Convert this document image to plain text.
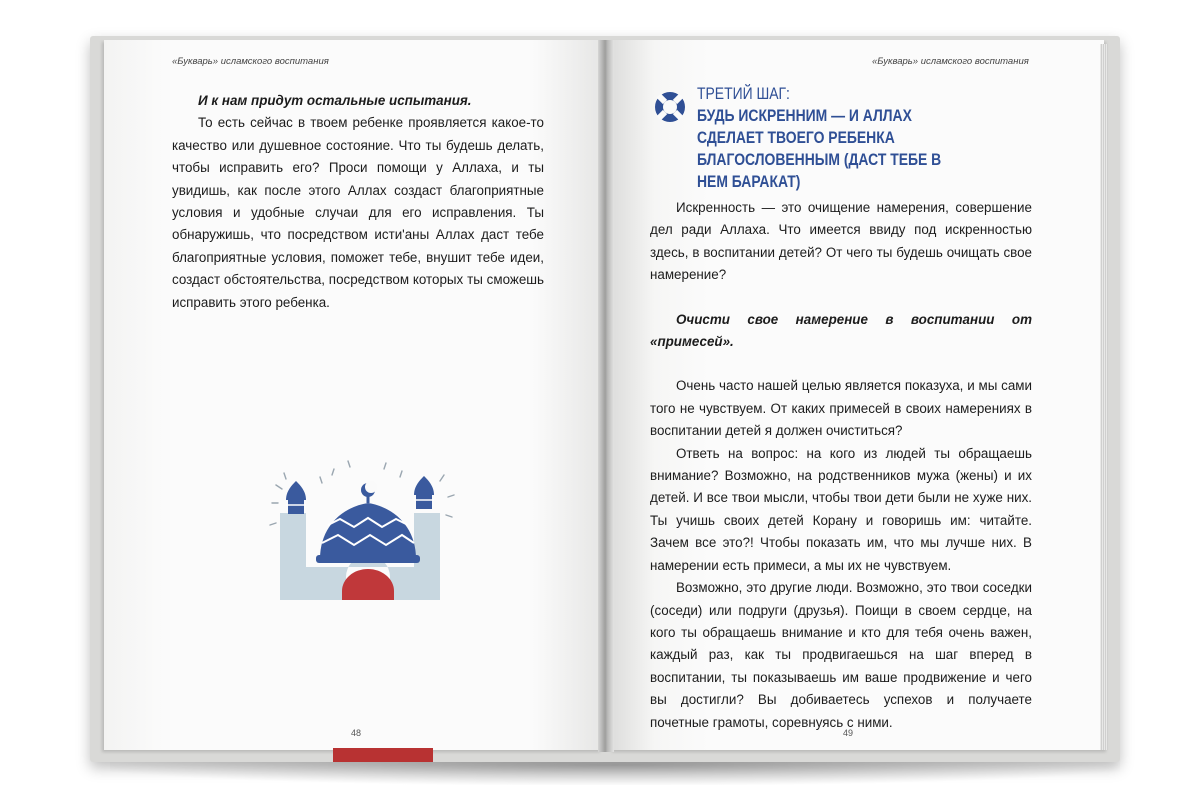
«Букварь» исламского воспитания	«Букварь» исламского воспитания

И к нам придут остальные испытания.

То есть сейчас в твоем ребенке проявляется какое-то качество или душевное состояние. Что ты будешь делать, чтобы исправить его? Проси помощи у Аллаха, и ты увидишь, как после этого Аллах создаст благоприятные условия и удобные случаи для его исправления. Ты обнаружишь, что посредством исти'аны Аллах даст тебе благоприятные условия, поможет тебе, внушит тебе идеи, создаст обстоятельства, посредством которых ты сможешь исправить этого ребенка.

48
ТРЕТИЙ ШАГ:
БУДЬ ИСКРЕННИМ — И АЛЛАХ СДЕЛАЕТ ТВОЕГО РЕБЕНКА БЛАГОСЛОВЕННЫМ (ДАСТ ТЕБЕ В НЕМ БАРАКАТ)

Искренность — это очищение намерения, совершение дел ради Аллаха. Что имеется ввиду под искренностью здесь, в воспитании детей? От чего ты будешь очищать свое намерение?

Очисти свое намерение в воспитании от «примесей».

Очень часто нашей целью является показуха, и мы сами того не чувствуем. От каких примесей в своих намерениях в воспитании детей я должен очиститься?

Ответь на вопрос: на кого из людей ты обращаешь внимание? Возможно, на родственников мужа (жены) и их детей. И все твои мысли, чтобы твои дети были не хуже них. Ты учишь своих детей Корану и говоришь им: читайте. Зачем все это?! Чтобы показать им, что мы лучше них. В намерении есть примеси, а мы их не чувствуем.

Возможно, это другие люди. Возможно, это твои соседки (соседи) или подруги (друзья). Поищи в своем сердце, на кого ты обращаешь внимание и кто для тебя очень важен, каждый раз, как ты продвигаешься на шаг вперед в воспитании, ты показываешь им ваше продвижение и чего вы достигли? Вы добиваетесь успехов и получаете почетные грамоты, соревнуясь с ними.

49
